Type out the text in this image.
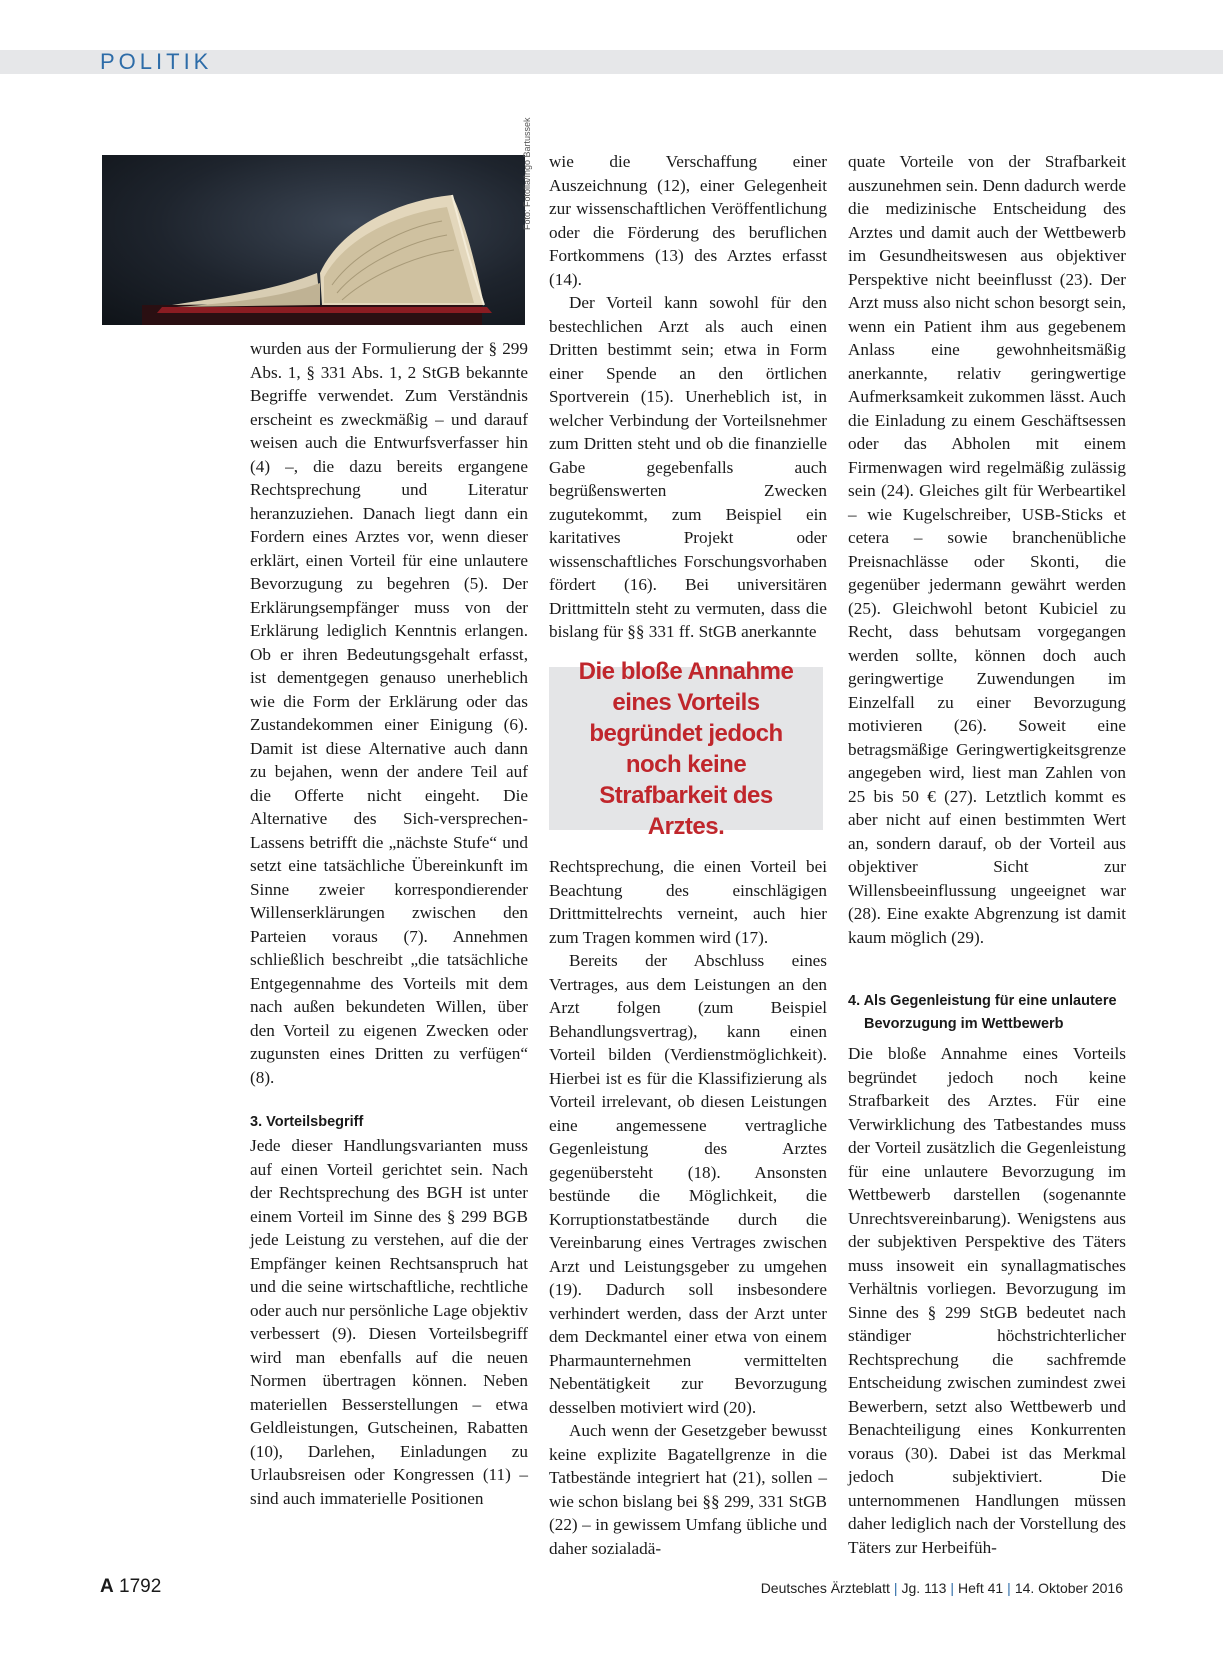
POLITIK
Foto: Fotolia/Ingo Bartussek

wurden aus der Formulierung der § 299 Abs. 1, § 331 Abs. 1, 2 StGB bekannte Begriffe verwendet. Zum Verständnis erscheint es zweckmäßig – und darauf weisen auch die Entwurfsverfasser hin (4) –, die dazu bereits ergangene Rechtsprechung und Literatur heranzuziehen. Danach liegt dann ein Fordern eines Arztes vor, wenn dieser erklärt, einen Vorteil für eine unlautere Bevorzugung zu begehren (5). Der Erklärungsempfänger muss von der Erklärung lediglich Kenntnis erlangen. Ob er ihren Bedeutungsgehalt erfasst, ist dementgegen genauso unerheblich wie die Form der Erklärung oder das Zustandekommen einer Einigung (6). Damit ist diese Alternative auch dann zu bejahen, wenn der andere Teil auf die Offerte nicht eingeht. Die Alternative des Sich-versprechen-Lassens betrifft die „nächste Stufe“ und setzt eine tatsächliche Übereinkunft im Sinne zweier korrespondierender Willenserklärungen zwischen den Parteien voraus (7). Annehmen schließlich beschreibt „die tatsächliche Entgegennahme des Vorteils mit dem nach außen bekundeten Willen, über den Vorteil zu eigenen Zwecken oder zugunsten eines Dritten zu verfügen“ (8).

3. Vorteilsbegriff

Jede dieser Handlungsvarianten muss auf einen Vorteil gerichtet sein. Nach der Rechtsprechung des BGH ist unter einem Vorteil im Sinne des § 299 BGB jede Leistung zu verstehen, auf die der Empfänger keinen Rechtsanspruch hat und die seine wirtschaftliche, rechtliche oder auch nur persönliche Lage objektiv verbessert (9). Diesen Vorteilsbegriff wird man ebenfalls auf die neuen Normen übertragen können. Neben materiellen Besserstellungen – etwa Geldleistungen, Gutscheinen, Rabatten (10), Darlehen, Einladungen zu Urlaubsreisen oder Kongressen (11) – sind auch immaterielle Positionen

wie die Verschaffung einer Auszeichnung (12), einer Gelegenheit zur wissenschaftlichen Veröffentlichung oder die Förderung des beruflichen Fortkommens (13) des Arztes erfasst (14).

Der Vorteil kann sowohl für den bestechlichen Arzt als auch einen Dritten bestimmt sein; etwa in Form einer Spende an den örtlichen Sportverein (15). Unerheblich ist, in welcher Verbindung der Vorteilsnehmer zum Dritten steht und ob die finanzielle Gabe gegebenfalls auch begrüßenswerten Zwecken zugutekommt, zum Beispiel ein karitatives Projekt oder wissenschaftliches Forschungsvorhaben fördert (16). Bei universitären Drittmitteln steht zu vermuten, dass die bislang für §§ 331 ff. StGB anerkannte

Die bloße Annahme eines Vorteils begründet jedoch noch keine Strafbarkeit des Arztes.

Rechtsprechung, die einen Vorteil bei Beachtung des einschlägigen Drittmittelrechts verneint, auch hier zum Tragen kommen wird (17).

Bereits der Abschluss eines Vertrages, aus dem Leistungen an den Arzt folgen (zum Beispiel Behandlungsvertrag), kann einen Vorteil bilden (Verdienstmöglichkeit). Hierbei ist es für die Klassifizierung als Vorteil irrelevant, ob diesen Leistungen eine angemessene vertragliche Gegenleistung des Arztes gegenübersteht (18). Ansonsten bestünde die Möglichkeit, die Korruptionstatbestände durch die Vereinbarung eines Vertrages zwischen Arzt und Leistungsgeber zu umgehen (19). Dadurch soll insbesondere verhindert werden, dass der Arzt unter dem Deckmantel einer etwa von einem Pharmaunternehmen vermittelten Nebentätigkeit zur Bevorzugung desselben motiviert wird (20).

Auch wenn der Gesetzgeber bewusst keine explizite Bagatellgrenze in die Tatbestände integriert hat (21), sollen – wie schon bislang bei §§ 299, 331 StGB (22) – in gewissem Umfang übliche und daher sozialadä-

quate Vorteile von der Strafbarkeit auszunehmen sein. Denn dadurch werde die medizinische Entscheidung des Arztes und damit auch der Wettbewerb im Gesundheitswesen aus objektiver Perspektive nicht beeinflusst (23). Der Arzt muss also nicht schon besorgt sein, wenn ein Patient ihm aus gegebenem Anlass eine gewohnheitsmäßig anerkannte, relativ geringwertige Aufmerksamkeit zukommen lässt. Auch die Einladung zu einem Geschäftsessen oder das Abholen mit einem Firmenwagen wird regelmäßig zulässig sein (24). Gleiches gilt für Werbeartikel – wie Kugelschreiber, USB-Sticks et cetera – sowie branchenübliche Preisnachlässe oder Skonti, die gegenüber jedermann gewährt werden (25). Gleichwohl betont Kubiciel zu Recht, dass behutsam vorgegangen werden sollte, können doch auch geringwertige Zuwendungen im Einzelfall zu einer Bevorzugung motivieren (26). Soweit eine betragsmäßige Geringwertigkeitsgrenze angegeben wird, liest man Zahlen von 25 bis 50 € (27). Letztlich kommt es aber nicht auf einen bestimmten Wert an, sondern darauf, ob der Vorteil aus objektiver Sicht zur Willensbeeinflussung ungeeignet war (28). Eine exakte Abgrenzung ist damit kaum möglich (29).

4. Als Gegenleistung für eine unlautere
Bevorzugung im Wettbewerb

Die bloße Annahme eines Vorteils begründet jedoch noch keine Strafbarkeit des Arztes. Für eine Verwirklichung des Tatbestandes muss der Vorteil zusätzlich die Gegenleistung für eine unlautere Bevorzugung im Wettbewerb darstellen (sogenannte Unrechtsvereinbarung). Wenigstens aus der subjektiven Perspektive des Täters muss insoweit ein synallagmatisches Verhältnis vorliegen. Bevorzugung im Sinne des § 299 StGB bedeutet nach ständiger höchstrichterlicher Rechtsprechung die sachfremde Entscheidung zwischen zumindest zwei Bewerbern, setzt also Wettbewerb und Benachteiligung eines Konkurrenten voraus (30). Dabei ist das Merkmal jedoch subjektiviert. Die unternommenen Handlungen müssen daher lediglich nach der Vorstellung des Täters zur Herbeifüh-

A 1792	Deutsches Ärzteblatt | Jg. 113 | Heft 41 | 14. Oktober 2016
